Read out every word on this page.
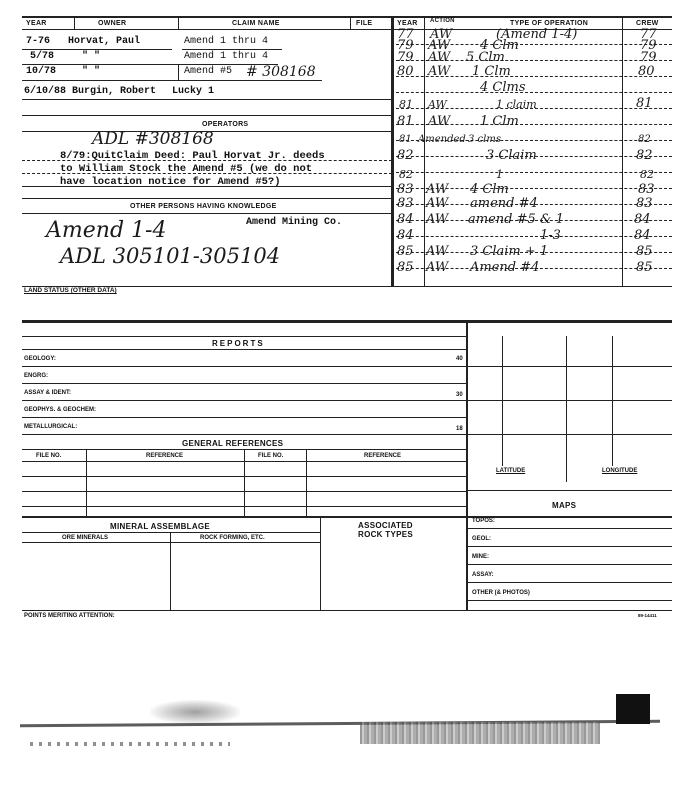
YEAR	OWNER	CLAIM NAME	FILE	YEAR ACTION	TYPE OF OPERATION	CREW
7-76 Horvat, Paul	Amend 1 thru 4
5/78	" "	Amend 1 thru 4
10/78	" "	Amend #5 # 308168
6/10/88 Burgin, Robert Lucky 1
OPERATORS
ADL #308168
8/79:QuitClaim Deed: Paul Horvat Jr. deeds
to William Stock the Amend #5 (we do not
have location notice for Amend #5?)
OTHER PERSONS HAVING KNOWLEDGE
Amend Mining Co.
Amend 1-4
ADL 305101-305104
77 AW	(Amend 1-4)	77
79 AW 4 Clm	79
79 AW 5 Clm	79
80 AW 1 Clm	80
4 Clms
81 AW	1 claim	81
81 AW 1 Clm
81 Amended 3 clms	82
82	3 Claim	82
82	1	82
83 AW 4 Clm	83
83 AW amend #4	83
84 AW amend #5 & 1	84
84	1-3	84
85 AW 3 Claim + 1	85
85 AW Amend #4	85
LAND STATUS (OTHER DATA)
REPORTS
GEOLOGY:	40
ENGRG:
ASSAY & IDENT:	30
GEOPHYS. & GEOCHEM:
METALLURGICAL:	18
GENERAL REFERENCES
FILE NO.	REFERENCE	FILE NO.	REFERENCE
LATITUDE	LONGITUDE
MAPS
TOPOS:
GEOL:
MINE:
ASSAY:
OTHER (& PHOTOS)
MINERAL ASSEMBLAGE
ORE MINERALS	ROCK FORMING, ETC.
ASSOCIATED
ROCK TYPES
POINTS MERITING ATTENTION:	89-14411
